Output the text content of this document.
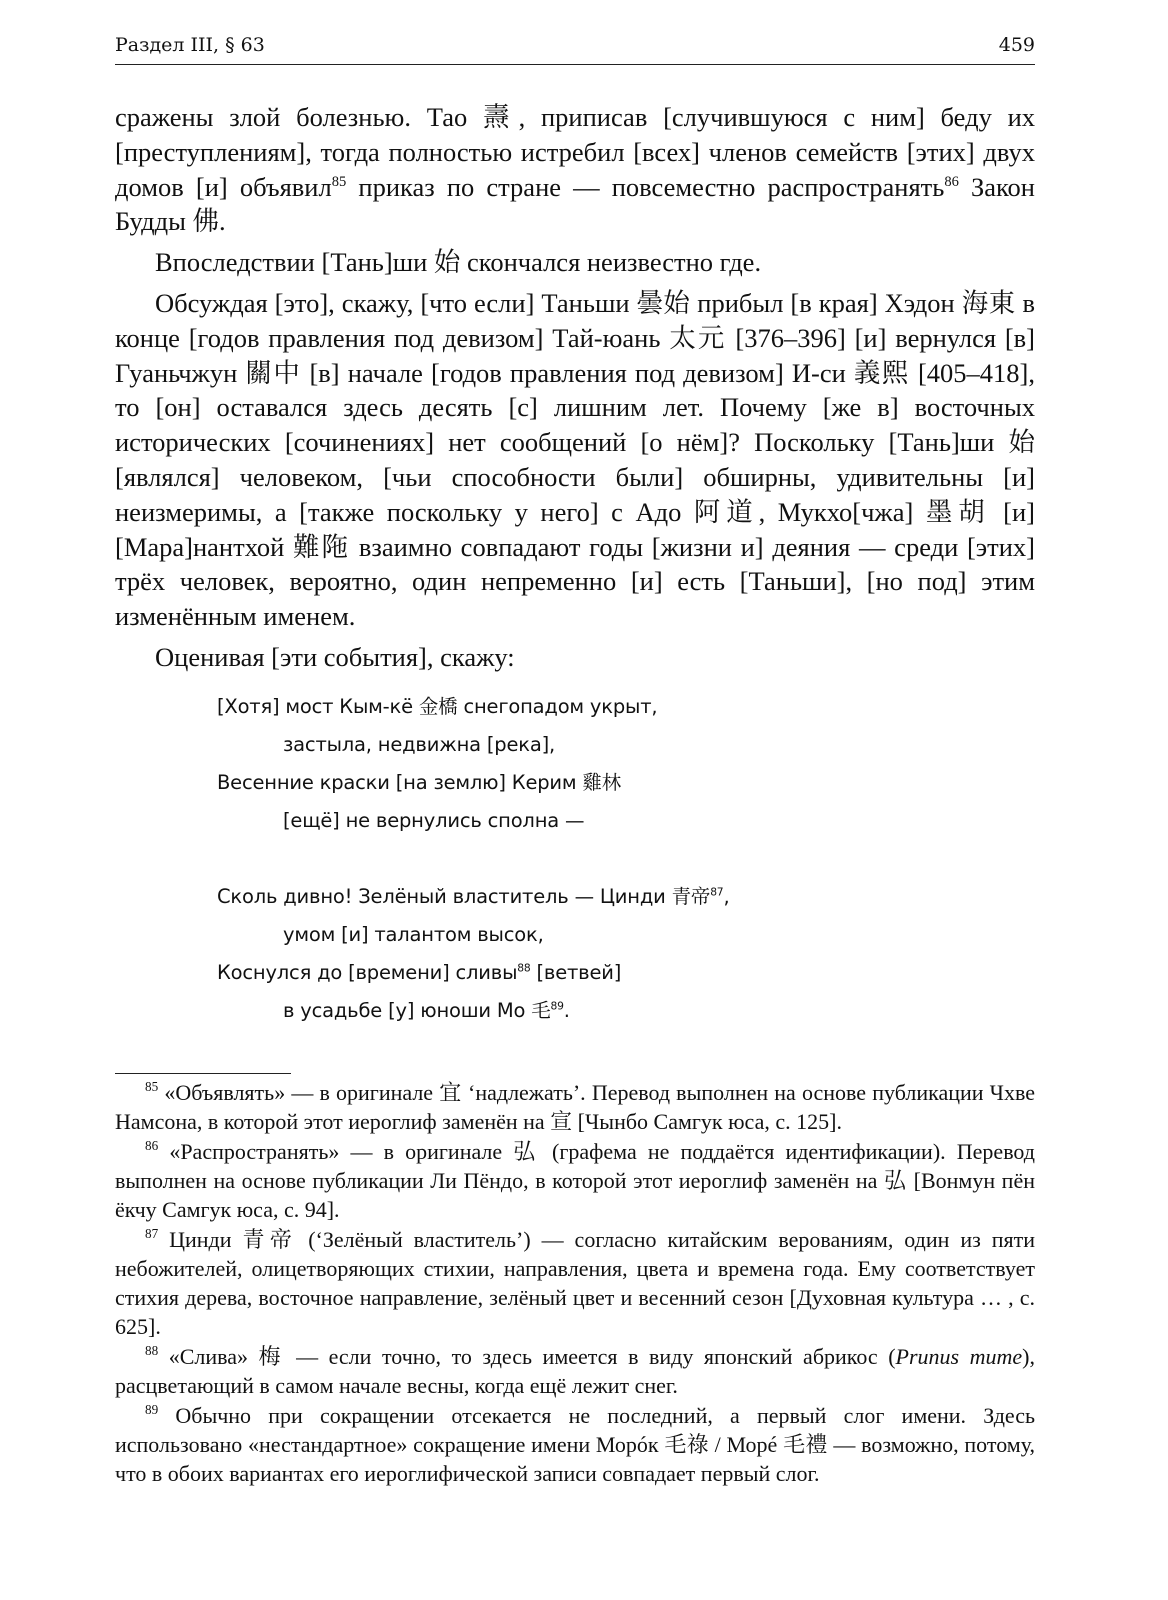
Раздел III, § 63	459

сражены злой болезнью. Тао 燾, приписав [случившуюся с ним] беду их [преступлениям], тогда полностью истребил [всех] членов семейств [этих] двух домов [и] объявил$^{85}$ приказ по стране — повсеместно распространять$^{86}$ Закон Будды 佛.

Впоследствии [Тань]ши 始 скончался неизвестно где.

Обсуждая [это], скажу, [что если] Таньши 曇始 прибыл [в края] Хэдон 海東 в конце [годов правления под девизом] Тай-юань 太元 [376–396] [и] вернулся [в] Гуаньчжун 關中 [в] начале [годов правления под девизом] И-си 義熙 [405–418], то [он] оставался здесь десять [с] лишним лет. Почему [же в] восточных исторических [сочинениях] нет сообщений [о нём]? Поскольку [Тань]ши 始 [являлся] человеком, [чьи способности были] обширны, удивительны [и] неизмеримы, а [также поскольку у него] с Адо 阿道, Мукхо[чжа] 墨胡 [и] [Мара]нантхой 難陁 взаимно совпадают годы [жизни и] деяния — среди [этих] трёх человек, вероятно, один непременно [и] есть [Таньши], [но под] этим изменённым именем.

Оценивая [эти события], скажу:

[Хотя] мост Кым-кё 金橋 снегопадом укрыт,
застыла, недвижна [река],
Весенние краски [на землю] Керим 雞林
[ещё] не вернулись сполна —
Сколь дивно! Зелёный властитель — Цинди 青帝$^{87}$,
умом [и] талантом высок,
Коснулся до [времени] сливы$^{88}$ [ветвей]
в усадьбе [у] юноши Мо 毛$^{89}$.

$^{85}$ «Объявлять» — в оригинале 宜 ‘надлежать’. Перевод выполнен на основе публикации Чхве Намсона, в которой этот иероглиф заменён на 宣 [Чынбо Самгук юса, с. 125].

$^{86}$ «Распространять» — в оригинале 弘 (графема не поддаётся идентификации). Перевод выполнен на основе публикации Ли Пёндо, в которой этот иероглиф заменён на 弘 [Вонмун пён ёкчу Самгук юса, с. 94].

$^{87}$ Цинди 青帝 (‘Зелёный властитель’) — согласно китайским верованиям, один из пяти небожителей, олицетворяющих стихии, направления, цвета и времена года. Ему соответствует стихия дерева, восточное направление, зелёный цвет и весенний сезон [Духовная культура … , с. 625].

$^{88}$ «Слива» 梅 — если точно, то здесь имеется в виду японский абрикос (Prunus mume), расцветающий в самом начале весны, когда ещё лежит снег.

$^{89}$ Обычно при сокращении отсекается не последний, а первый слог имени. Здесь использовано «нестандартное» сокращение имени Морóк 毛祿 / Морé 毛禮 — возможно, потому, что в обоих вариантах его иероглифической записи совпадает первый слог.
